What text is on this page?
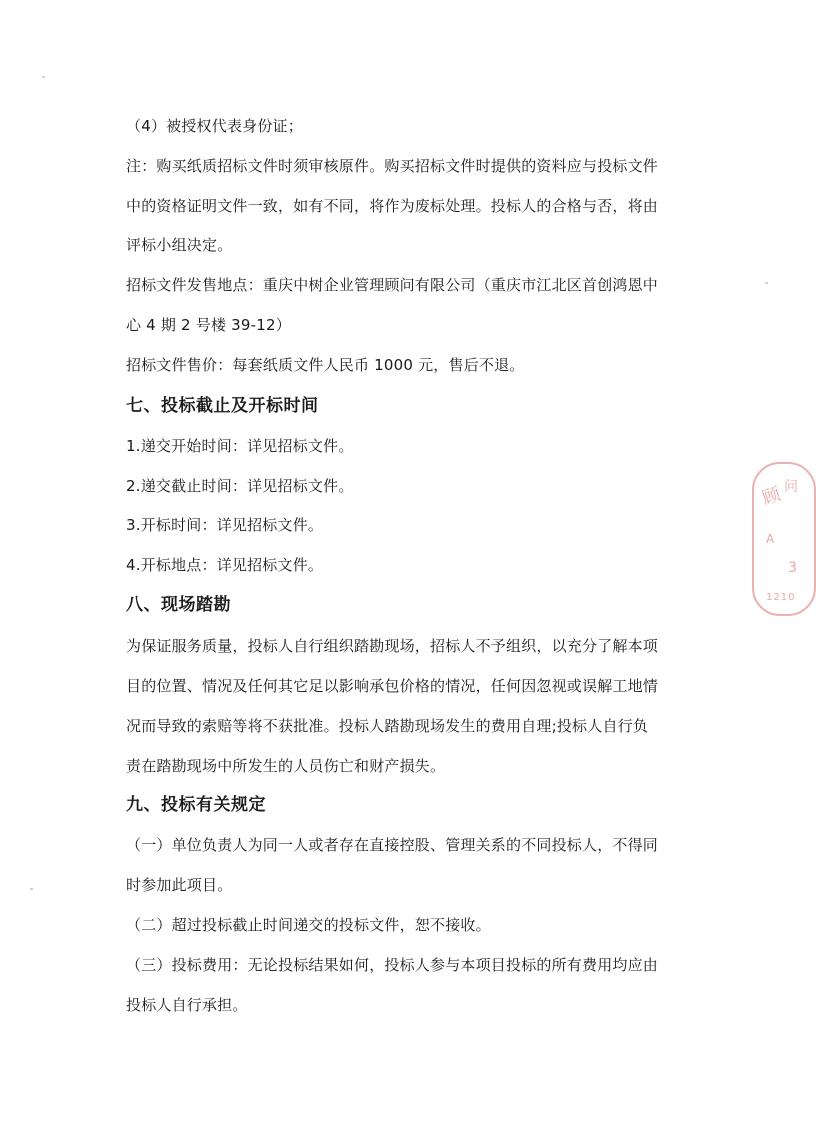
（4）被授权代表身份证；
注：购买纸质招标文件时须审核原件。购买招标文件时提供的资料应与投标文件
中的资格证明文件一致，如有不同，将作为废标处理。投标人的合格与否，将由
评标小组决定。
招标文件发售地点：重庆中树企业管理顾问有限公司（重庆市江北区首创鸿恩中
心 4 期 2 号楼 39-12）
招标文件售价：每套纸质文件人民币 1000 元，售后不退。
七、投标截止及开标时间
1.递交开始时间：详见招标文件。
2.递交截止时间：详见招标文件。
3.开标时间：详见招标文件。
4.开标地点：详见招标文件。
八、现场踏勘
为保证服务质量，投标人自行组织踏勘现场，招标人不予组织，以充分了解本项
目的位置、情况及任何其它足以影响承包价格的情况，任何因忽视或误解工地情
况而导致的索赔等将不获批准。投标人踏勘现场发生的费用自理;投标人自行负
责在踏勘现场中所发生的人员伤亡和财产损失。
九、投标有关规定
（一）单位负责人为同一人或者存在直接控股、管理关系的不同投标人，不得同
时参加此项目。
（二）超过投标截止时间递交的投标文件，恕不接收。
（三）投标费用：无论投标结果如何，投标人参与本项目投标的所有费用均应由
投标人自行承担。
顾 问
A
3
1210
